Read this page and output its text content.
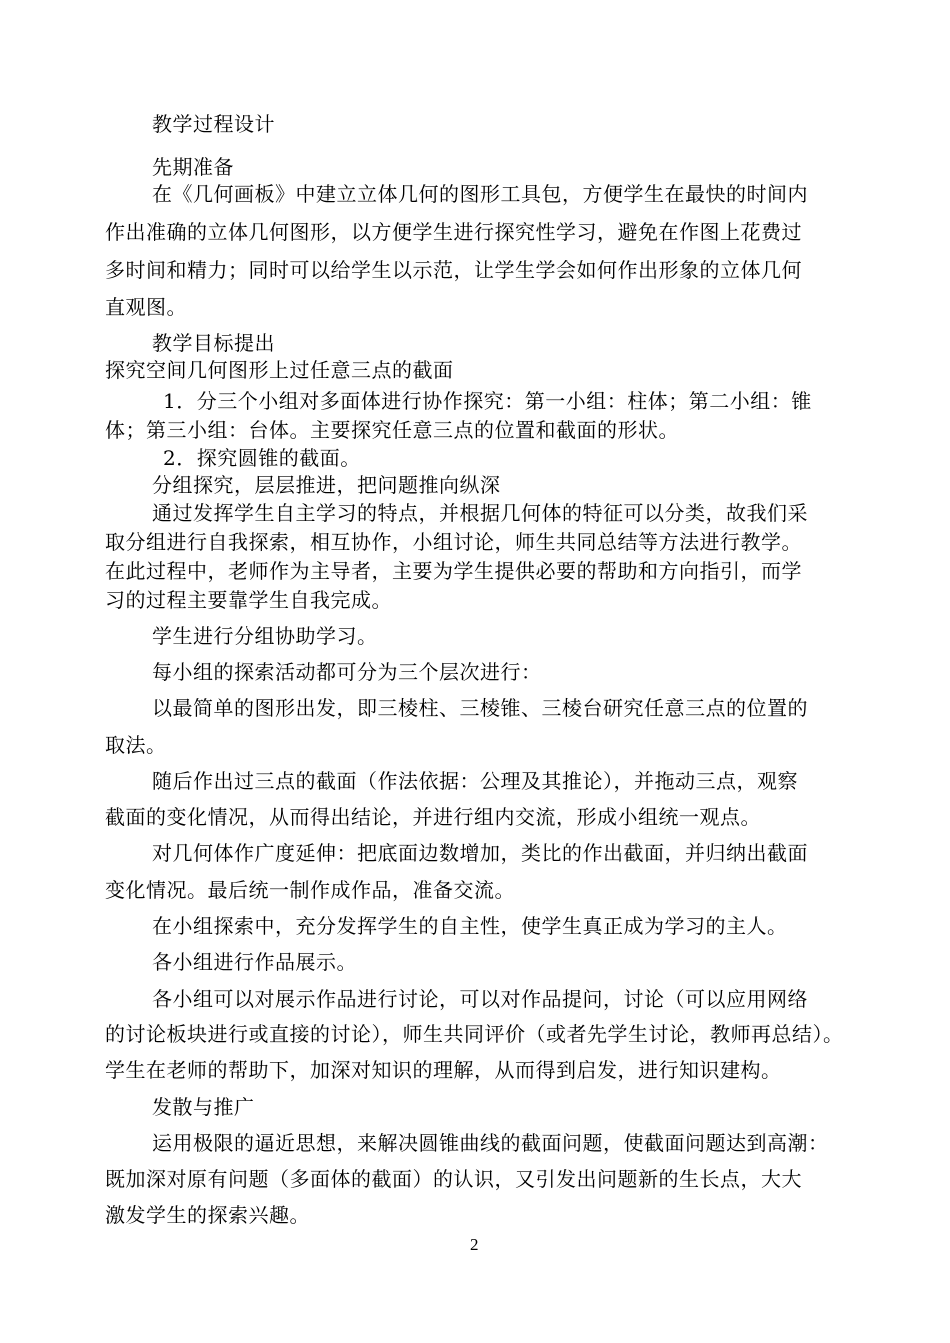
教学过程设计
先期准备
在《几何画板》中建立立体几何的图形工具包，方便学生在最快的时间内
作出准确的立体几何图形，以方便学生进行探究性学习，避免在作图上花费过
多时间和精力；同时可以给学生以示范，让学生学会如何作出形象的立体几何
直观图。
教学目标提出
探究空间几何图形上过任意三点的截面
1．分三个小组对多面体进行协作探究：第一小组：柱体；第二小组：锥
体；第三小组：台体。主要探究任意三点的位置和截面的形状。
2．探究圆锥的截面。
分组探究，层层推进，把问题推向纵深
通过发挥学生自主学习的特点，并根据几何体的特征可以分类，故我们采
取分组进行自我探索，相互协作，小组讨论，师生共同总结等方法进行教学。
在此过程中，老师作为主导者，主要为学生提供必要的帮助和方向指引，而学
习的过程主要靠学生自我完成。
学生进行分组协助学习。
每小组的探索活动都可分为三个层次进行：
以最简单的图形出发，即三棱柱、三棱锥、三棱台研究任意三点的位置的
取法。
随后作出过三点的截面（作法依据：公理及其推论），并拖动三点，观察
截面的变化情况，从而得出结论，并进行组内交流，形成小组统一观点。
对几何体作广度延伸：把底面边数增加，类比的作出截面，并归纳出截面
变化情况。最后统一制作成作品，准备交流。
在小组探索中，充分发挥学生的自主性，使学生真正成为学习的主人。
各小组进行作品展示。
各小组可以对展示作品进行讨论，可以对作品提问，讨论（可以应用网络
的讨论板块进行或直接的讨论），师生共同评价（或者先学生讨论，教师再总结）。
学生在老师的帮助下，加深对知识的理解，从而得到启发，进行知识建构。
发散与推广
运用极限的逼近思想，来解决圆锥曲线的截面问题，使截面问题达到高潮：
既加深对原有问题（多面体的截面）的认识，又引发出问题新的生长点，大大
激发学生的探索兴趣。
2
